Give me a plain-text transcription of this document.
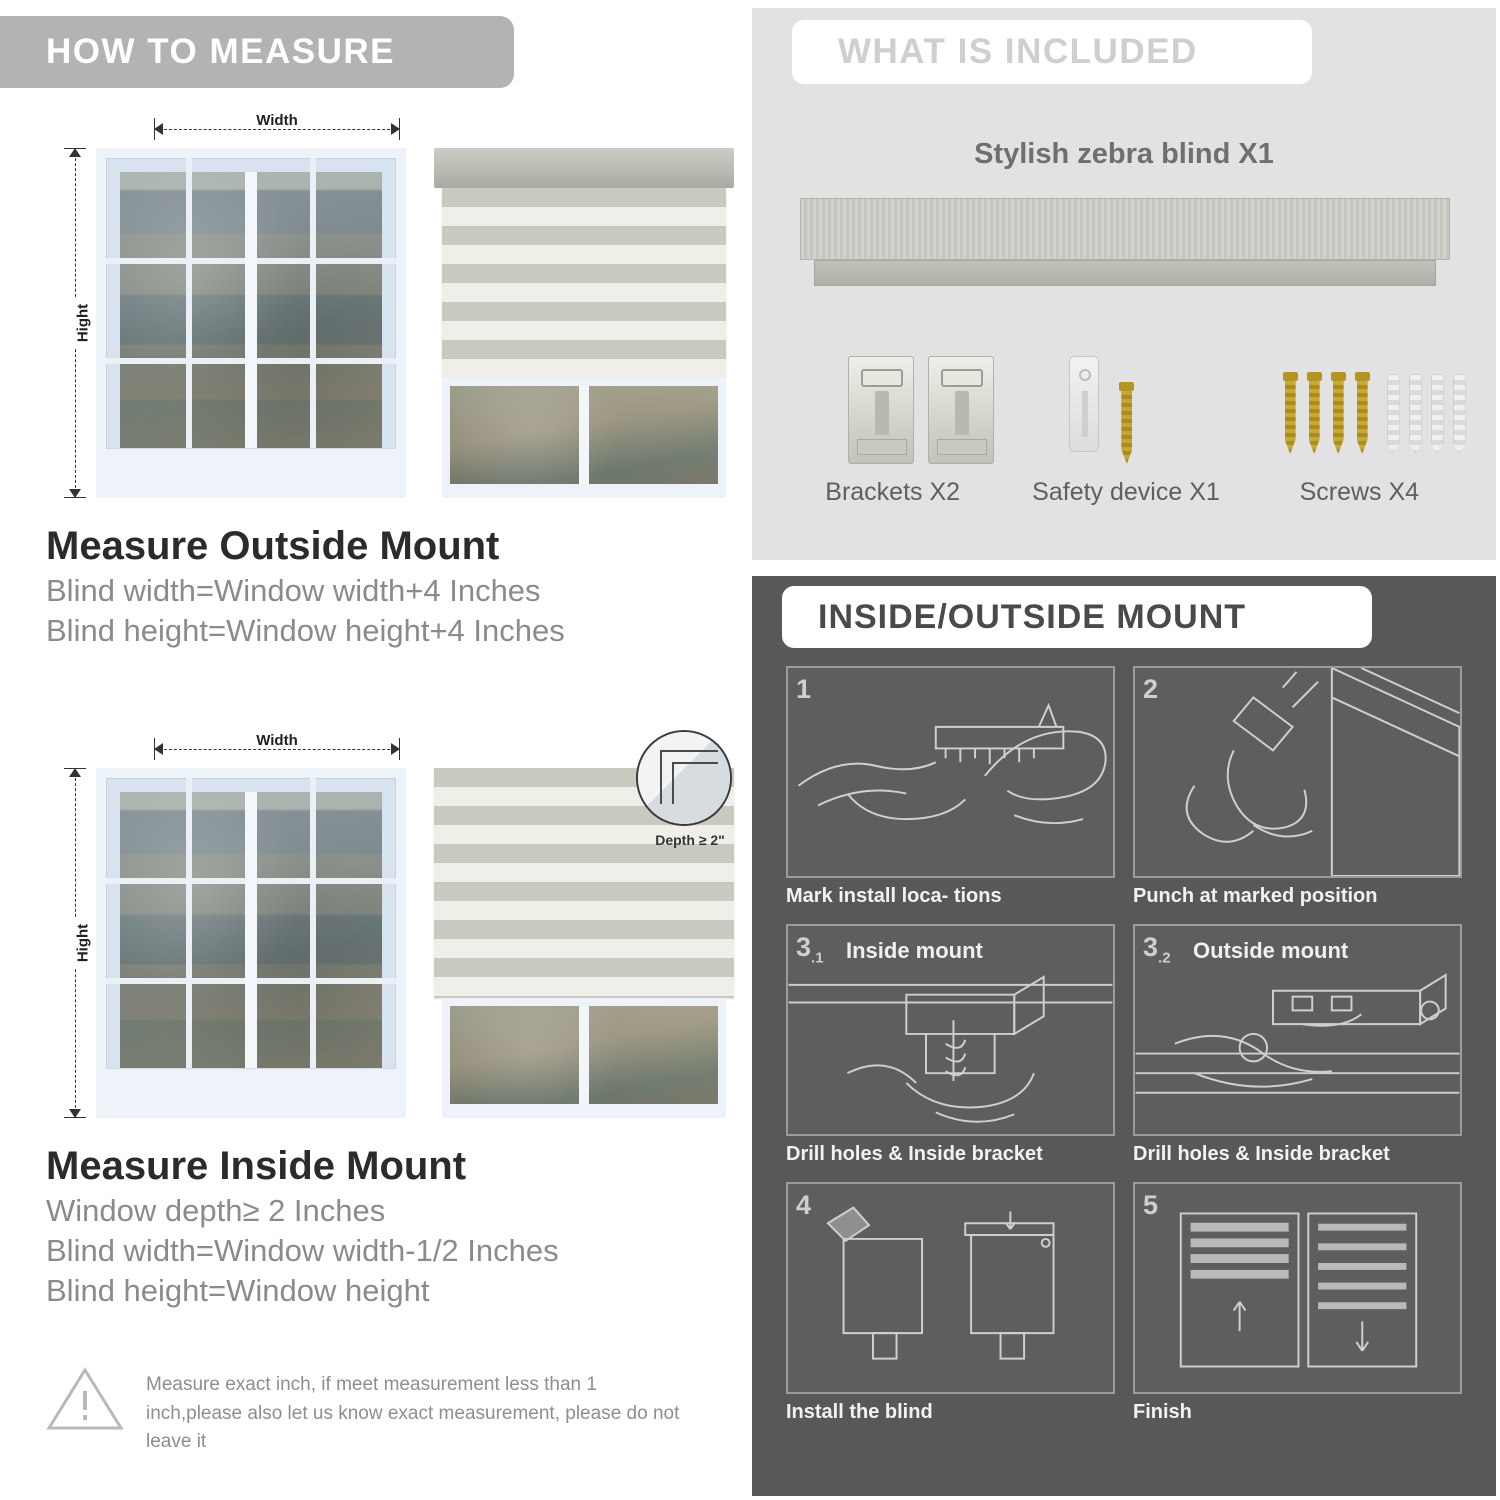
HOW TO MEASURE
Width
Hight
Measure Outside Mount
Blind width=Window width+4 Inches
Blind height=Window height+4 Inches
Width
Hight
Depth ≥ 2"
Measure Inside Mount
Window depth≥ 2 Inches
Blind width=Window width-1/2 Inches
Blind height=Window height
Measure exact inch, if meet measurement less than 1 inch,please also let us know exact measurement, please do not leave it
WHAT IS INCLUDED
Stylish zebra blind X1
Brackets X2	Safety device X1	Screws X4
INSIDE/OUTSIDE MOUNT
1
Mark install loca- tions
2
Punch at marked position
$3_{.1}$ Inside mount
Drill holes & Inside bracket
$3_{.2}$ Outside mount
Drill holes & Inside bracket
4
Install the blind
5
Finish
